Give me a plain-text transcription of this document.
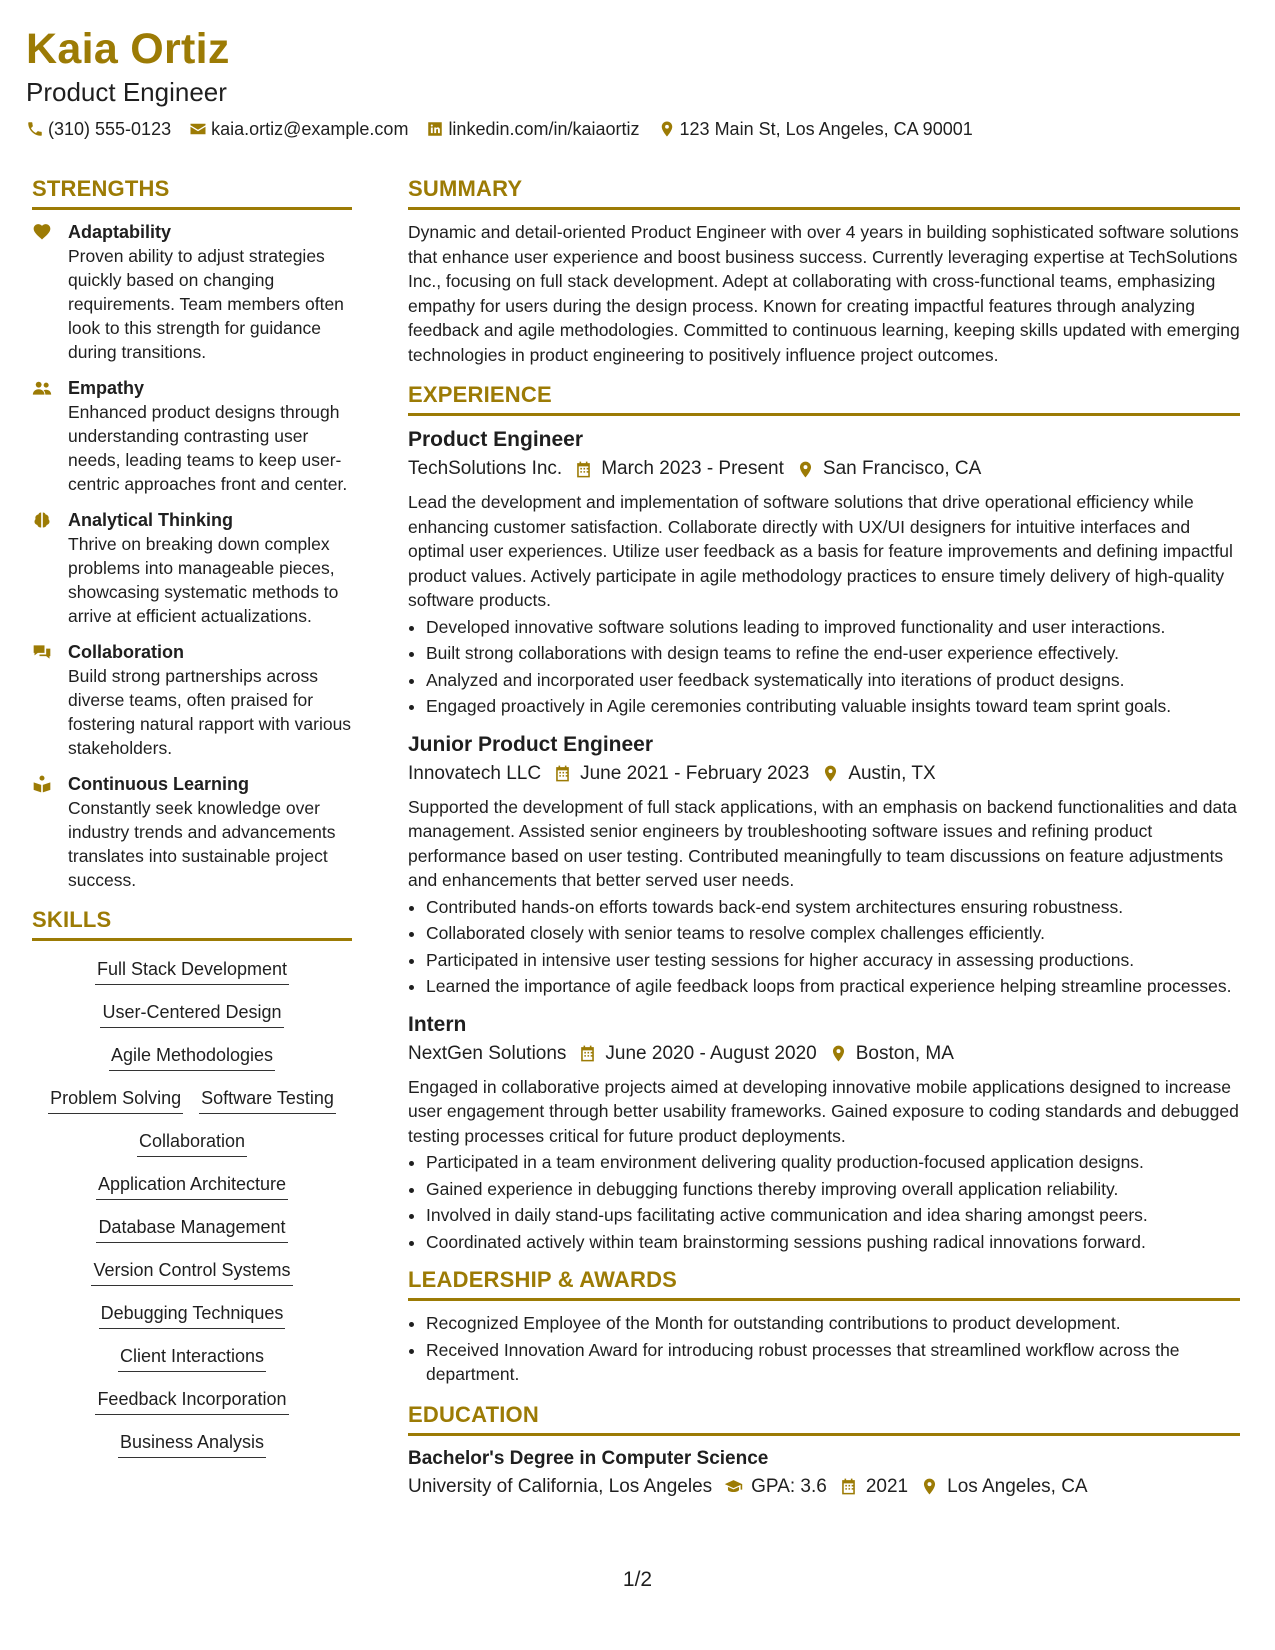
Kaia Ortiz
Product Engineer
(310) 555-0123 kaia.ortiz@example.com linkedin.com/in/kaiaortiz 123 Main St, Los Angeles, CA 90001
STRENGTHS
Adaptability
Proven ability to adjust strategies quickly based on changing requirements. Team members often look to this strength for guidance during transitions.
Empathy
Enhanced product designs through understanding contrasting user needs, leading teams to keep user-centric approaches front and center.
Analytical Thinking
Thrive on breaking down complex problems into manageable pieces, showcasing systematic methods to arrive at efficient actualizations.
Collaboration
Build strong partnerships across diverse teams, often praised for fostering natural rapport with various stakeholders.
Continuous Learning
Constantly seek knowledge over industry trends and advancements translates into sustainable project success.
SKILLS
Full Stack Development
User-Centered Design
Agile Methodologies
Problem Solving Software Testing
Collaboration
Application Architecture
Database Management
Version Control Systems
Debugging Techniques
Client Interactions
Feedback Incorporation
Business Analysis
SUMMARY
Dynamic and detail-oriented Product Engineer with over 4 years in building sophisticated software solutions that enhance user experience and boost business success. Currently leveraging expertise at TechSolutions Inc., focusing on full stack development. Adept at collaborating with cross-functional teams, emphasizing empathy for users during the design process. Known for creating impactful features through analyzing feedback and agile methodologies. Committed to continuous learning, keeping skills updated with emerging technologies in product engineering to positively influence project outcomes.
EXPERIENCE
Product Engineer
TechSolutions Inc. March 2023 - Present San Francisco, CA
Lead the development and implementation of software solutions that drive operational efficiency while enhancing customer satisfaction. Collaborate directly with UX/UI designers for intuitive interfaces and optimal user experiences. Utilize user feedback as a basis for feature improvements and defining impactful product values. Actively participate in agile methodology practices to ensure timely delivery of high-quality software products.
• Developed innovative software solutions leading to improved functionality and user interactions.
• Built strong collaborations with design teams to refine the end-user experience effectively.
• Analyzed and incorporated user feedback systematically into iterations of product designs.
• Engaged proactively in Agile ceremonies contributing valuable insights toward team sprint goals.
Junior Product Engineer
Innovatech LLC June 2021 - February 2023 Austin, TX
Supported the development of full stack applications, with an emphasis on backend functionalities and data management. Assisted senior engineers by troubleshooting software issues and refining product performance based on user testing. Contributed meaningfully to team discussions on feature adjustments and enhancements that better served user needs.
• Contributed hands-on efforts towards back-end system architectures ensuring robustness.
• Collaborated closely with senior teams to resolve complex challenges efficiently.
• Participated in intensive user testing sessions for higher accuracy in assessing productions.
• Learned the importance of agile feedback loops from practical experience helping streamline processes.
Intern
NextGen Solutions June 2020 - August 2020 Boston, MA
Engaged in collaborative projects aimed at developing innovative mobile applications designed to increase user engagement through better usability frameworks. Gained exposure to coding standards and debugged testing processes critical for future product deployments.
• Participated in a team environment delivering quality production-focused application designs.
• Gained experience in debugging functions thereby improving overall application reliability.
• Involved in daily stand-ups facilitating active communication and idea sharing amongst peers.
• Coordinated actively within team brainstorming sessions pushing radical innovations forward.
LEADERSHIP & AWARDS
• Recognized Employee of the Month for outstanding contributions to product development.
• Received Innovation Award for introducing robust processes that streamlined workflow across the department.
EDUCATION
Bachelor's Degree in Computer Science
University of California, Los Angeles GPA: 3.6 2021 Los Angeles, CA
1/2
